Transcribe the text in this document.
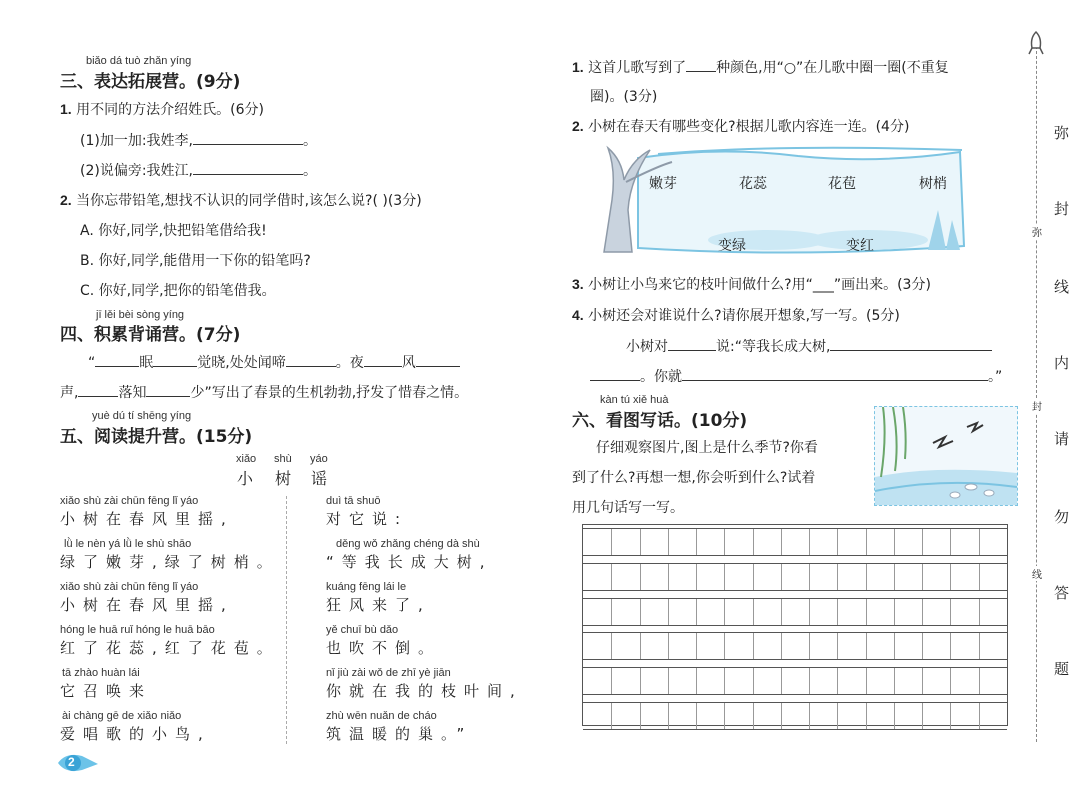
biǎo dá tuò zhǎn yíng
三、表达拓展营。(9分)
1. 用不同的方法介绍姓氏。(6分)
(1)加一加:我姓李,	。
(2)说偏旁:我姓江,	。
2. 当你忘带铅笔,想找不认识的同学借时,该怎么说?( )(3分)
A. 你好,同学,快把铅笔借给我!
B. 你好,同学,能借用一下你的铅笔吗?
C. 你好,同学,把你的铅笔借我。
jī lěi bèi sòng yíng
四、积累背诵营。(7分)
“	眠	觉晓,处处闻啼	。夜	风
声,	落知	少”写出了春景的生机勃勃,抒发了惜春之情。
yuè dú tí shēng yíng
五、阅读提升营。(15分)
xiǎo shù yáo
小 树 谣
xiǎo shù zài chūn fēng lǐ yáo
小树在春风里摇,
lǜ le nèn yá lǜ le shù shāo
绿了嫩芽,绿了树梢。
xiǎo shù zài chūn fēng lǐ yáo
小树在春风里摇,
hóng le huā ruǐ hóng le huā bāo
红了花蕊,红了花苞。
tā zhào huàn lái
它召唤来
ài chàng gē de xiǎo niǎo
爱唱歌的小鸟,
duì tā shuō
对它说:
děng wǒ zhǎng chéng dà shù
“等我长成大树,
kuáng fēng lái le
狂风来了,
yě chuī bù dǎo
也吹不倒。
nǐ jiù zài wǒ de zhī yè jiān
你就在我的枝叶间,
zhù wēn nuǎn de cháo
筑温暖的巢。”
2
1. 这首儿歌写到了 种颜色,用“○”在儿歌中圈一圈(不重复
圈)。(3分)
2. 小树在春天有哪些变化?根据儿歌内容连一连。(4分)
嫩芽	花蕊	花苞	树梢
变绿	变红
3. 小树让小鸟来它的枝叶间做什么?用“___”画出来。(3分)
4. 小树还会对谁说什么?请你展开想象,写一写。(5分)
小树对	说:“等我长成大树,
。你就	。”
kàn tú xiě huà
六、看图写话。(10分)
仔细观察图片,图上是什么季节?你看
到了什么?再想一想,你会听到什么?试着
用几句话写一写。
弥
封
线
内
请
勿
答
题
弥
封
线
